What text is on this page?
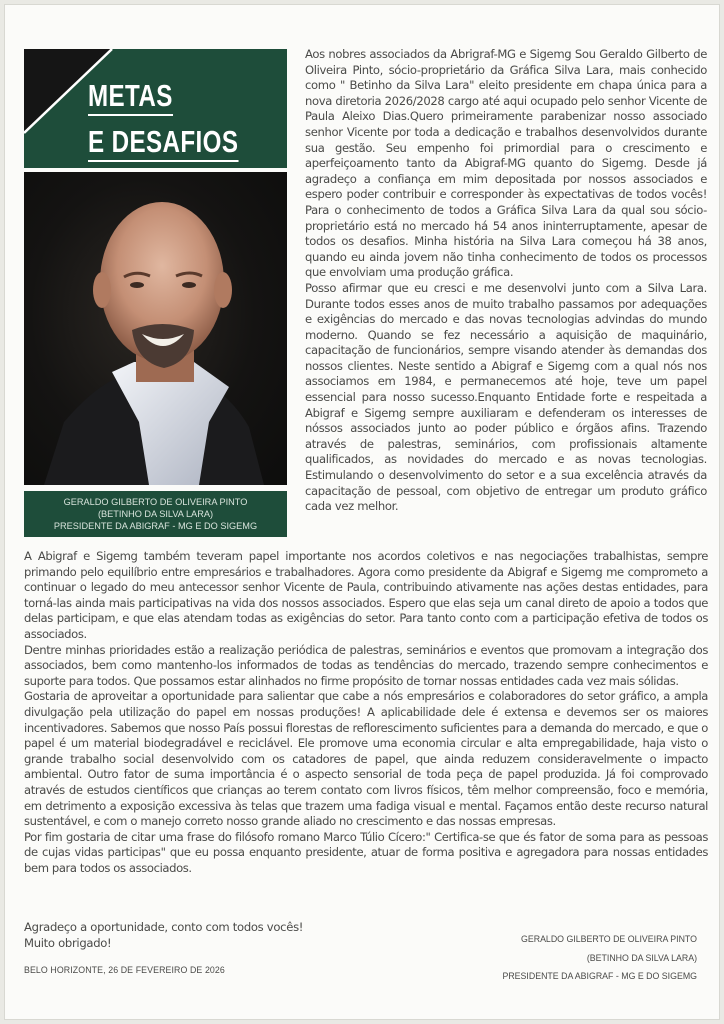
METAS
E DESAFIOS
GERALDO GILBERTO DE OLIVEIRA PINTO
(BETINHO DA SILVA LARA)
PRESIDENTE DA ABIGRAF - MG E DO SIGEMG

Aos nobres associados da Abrigraf-MG e Sigemg Sou Geraldo Gilberto de Oliveira Pinto, sócio-proprietário da Gráfica Silva Lara, mais conhecido como " Betinho da Silva Lara" eleito presidente em chapa única para a nova diretoria 2026/2028 cargo até aqui ocupado pelo senhor Vicente de Paula Aleixo Dias.Quero primeiramente parabenizar nosso associado senhor Vicente por toda a dedicação e trabalhos desenvolvidos durante sua gestão. Seu empenho foi primordial para o crescimento e aperfeiçoamento tanto da Abigraf-MG quanto do Sigemg. Desde já agradeço a confiança em mim depositada por nossos associados e espero poder contribuir e corresponder às expectativas de todos vocês! Para o conhecimento de todos a Gráfica Silva Lara da qual sou sócio-proprietário está no mercado há 54 anos ininterruptamente, apesar de todos os desafios. Minha história na Silva Lara começou há 38 anos, quando eu ainda jovem não tinha conhecimento de todos os processos que envolviam uma produção gráfica.

Posso afirmar que eu cresci e me desenvolvi junto com a Silva Lara. Durante todos esses anos de muito trabalho passamos por adequações e exigências do mercado e das novas tecnologias advindas do mundo moderno. Quando se fez necessário a aquisição de maquinário, capacitação de funcionários, sempre visando atender às demandas dos nossos clientes. Neste sentido a Abigraf e Sigemg com a qual nós nos associamos em 1984, e permanecemos até hoje, teve um papel essencial para nosso sucesso.Enquanto Entidade forte e respeitada a Abigraf e Sigemg sempre auxiliaram e defenderam os interesses de nóssos associados junto ao poder público e órgãos afins. Trazendo através de palestras, seminários, com profissionais altamente qualificados, as novidades do mercado e as novas tecnologias. Estimulando o desenvolvimento do setor e a sua excelência através da capacitação de pessoal, com objetivo de entregar um produto gráfico cada vez melhor.

A Abigraf e Sigemg também teveram papel importante nos acordos coletivos e nas negociações trabalhistas, sempre primando pelo equilíbrio entre empresários e trabalhadores. Agora como presidente da Abigraf e Sigemg me comprometo a continuar o legado do meu antecessor senhor Vicente de Paula, contribuindo ativamente nas ações destas entidades, para torná-las ainda mais participativas na vida dos nossos associados. Espero que elas seja um canal direto de apoio a todos que delas participam, e que elas atendam todas as exigências do setor. Para tanto conto com a participação efetiva de todos os associados.

Dentre minhas prioridades estão a realização periódica de palestras, seminários e eventos que promovam a integração dos associados, bem como mantenho-los informados de todas as tendências do mercado, trazendo sempre conhecimentos e suporte para todos. Que possamos estar alinhados no firme propósito de tornar nossas entidades cada vez mais sólidas.

Gostaria de aproveitar a oportunidade para salientar que cabe a nós empresários e colaboradores do setor gráfico, a ampla divulgação pela utilização do papel em nossas produções! A aplicabilidade dele é extensa e devemos ser os maiores incentivadores. Sabemos que nosso País possui florestas de reflorescimento suficientes para a demanda do mercado, e que o papel é um material biodegradável e reciclável. Ele promove uma economia circular e alta empregabilidade, haja visto o grande trabalho social desenvolvido com os catadores de papel, que ainda reduzem consideravelmente o impacto ambiental. Outro fator de suma importância é o aspecto sensorial de toda peça de papel produzida. Já foi comprovado através de estudos científicos que crianças ao terem contato com livros físicos, têm melhor compreensão, foco e memória, em detrimento a exposição excessiva às telas que trazem uma fadiga visual e mental. Façamos então deste recurso natural sustentável, e com o manejo correto nosso grande aliado no crescimento e das nossas empresas.

Por fim gostaria de citar uma frase do filósofo romano Marco Túlio Cícero:" Certifica-se que és fator de soma para as pessoas de cujas vidas participas" que eu possa enquanto presidente, atuar de forma positiva e agregadora para nossas entidades bem para todos os associados.

Agradeço a oportunidade, conto com todos vocês!
Muito obrigado!
BELO HORIZONTE, 26 DE FEVEREIRO DE 2026
GERALDO GILBERTO DE OLIVEIRA PINTO
(BETINHO DA SILVA LARA)
PRESIDENTE DA ABIGRAF - MG E DO SIGEMG
